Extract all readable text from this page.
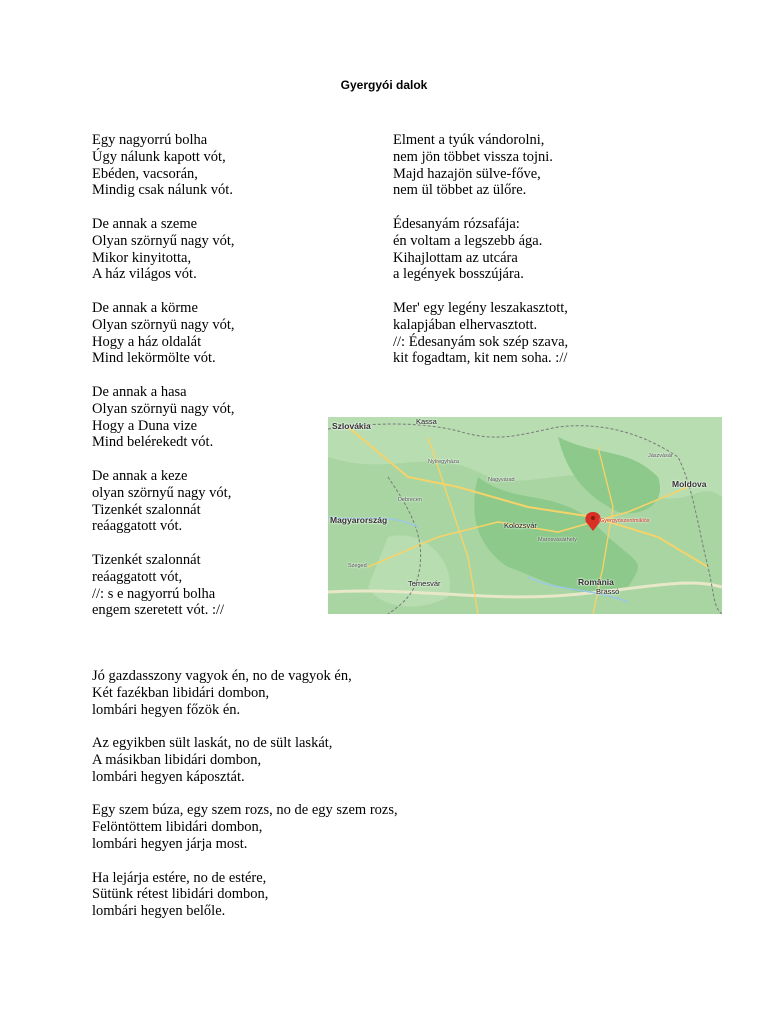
Gyergyói dalok
Egy nagyorrú bolha
Úgy nálunk kapott vót,
Ebéden, vacsorán,
Mindig csak nálunk vót.
De annak a szeme
Olyan szörnyű nagy vót,
Mikor kinyitotta,
A ház világos vót.
De annak a körme
Olyan szörnyü nagy vót,
Hogy a ház oldalát
Mind lekörmölte vót.
De annak a hasa
Olyan szörnyü nagy vót,
Hogy a Duna vize
Mind belérekedt vót.
De annak a keze
olyan szörnyű nagy vót,
Tizenkét szalonnát
reáaggatott vót.
Tizenkét szalonnát
reáaggatott vót,
//: s e nagyorrú bolha
engem szeretett vót. ://
Elment a tyúk vándorolni,
nem jön többet vissza tojni.
Majd hazajön sülve-főve,
nem ül többet az ülőre.
Édesanyám rózsafája:
én voltam a legszebb ága.
Kihajlottam az utcára
a legények bosszújára.
Mer' egy legény leszakasztott,
kalapjában elhervasztott.
//: Édesanyám sok szép szava,
kit fogadtam, kit nem soha. ://
Szlovákia	Kassa
Nyíregyháza
Debrecen
Nagyvárad
Magyarország
Kolozsvár
Marosvásárhely
Gyergyószentmiklós
Moldova
Jászvásár
Szeged
România
Temesvár
Brassó
Jó gazdasszony vagyok én, no de vagyok én,
Két fazékban libidári dombon,
lombári hegyen főzök én.
Az egyikben sült laskát, no de sült laskát,
A másikban libidári dombon,
lombári hegyen káposztát.
Egy szem búza, egy szem rozs, no de egy szem rozs,
Felöntöttem libidári dombon,
lombári hegyen járja most.
Ha lejárja estére, no de estére,
Sütünk rétest libidári dombon,
lombári hegyen belőle.
